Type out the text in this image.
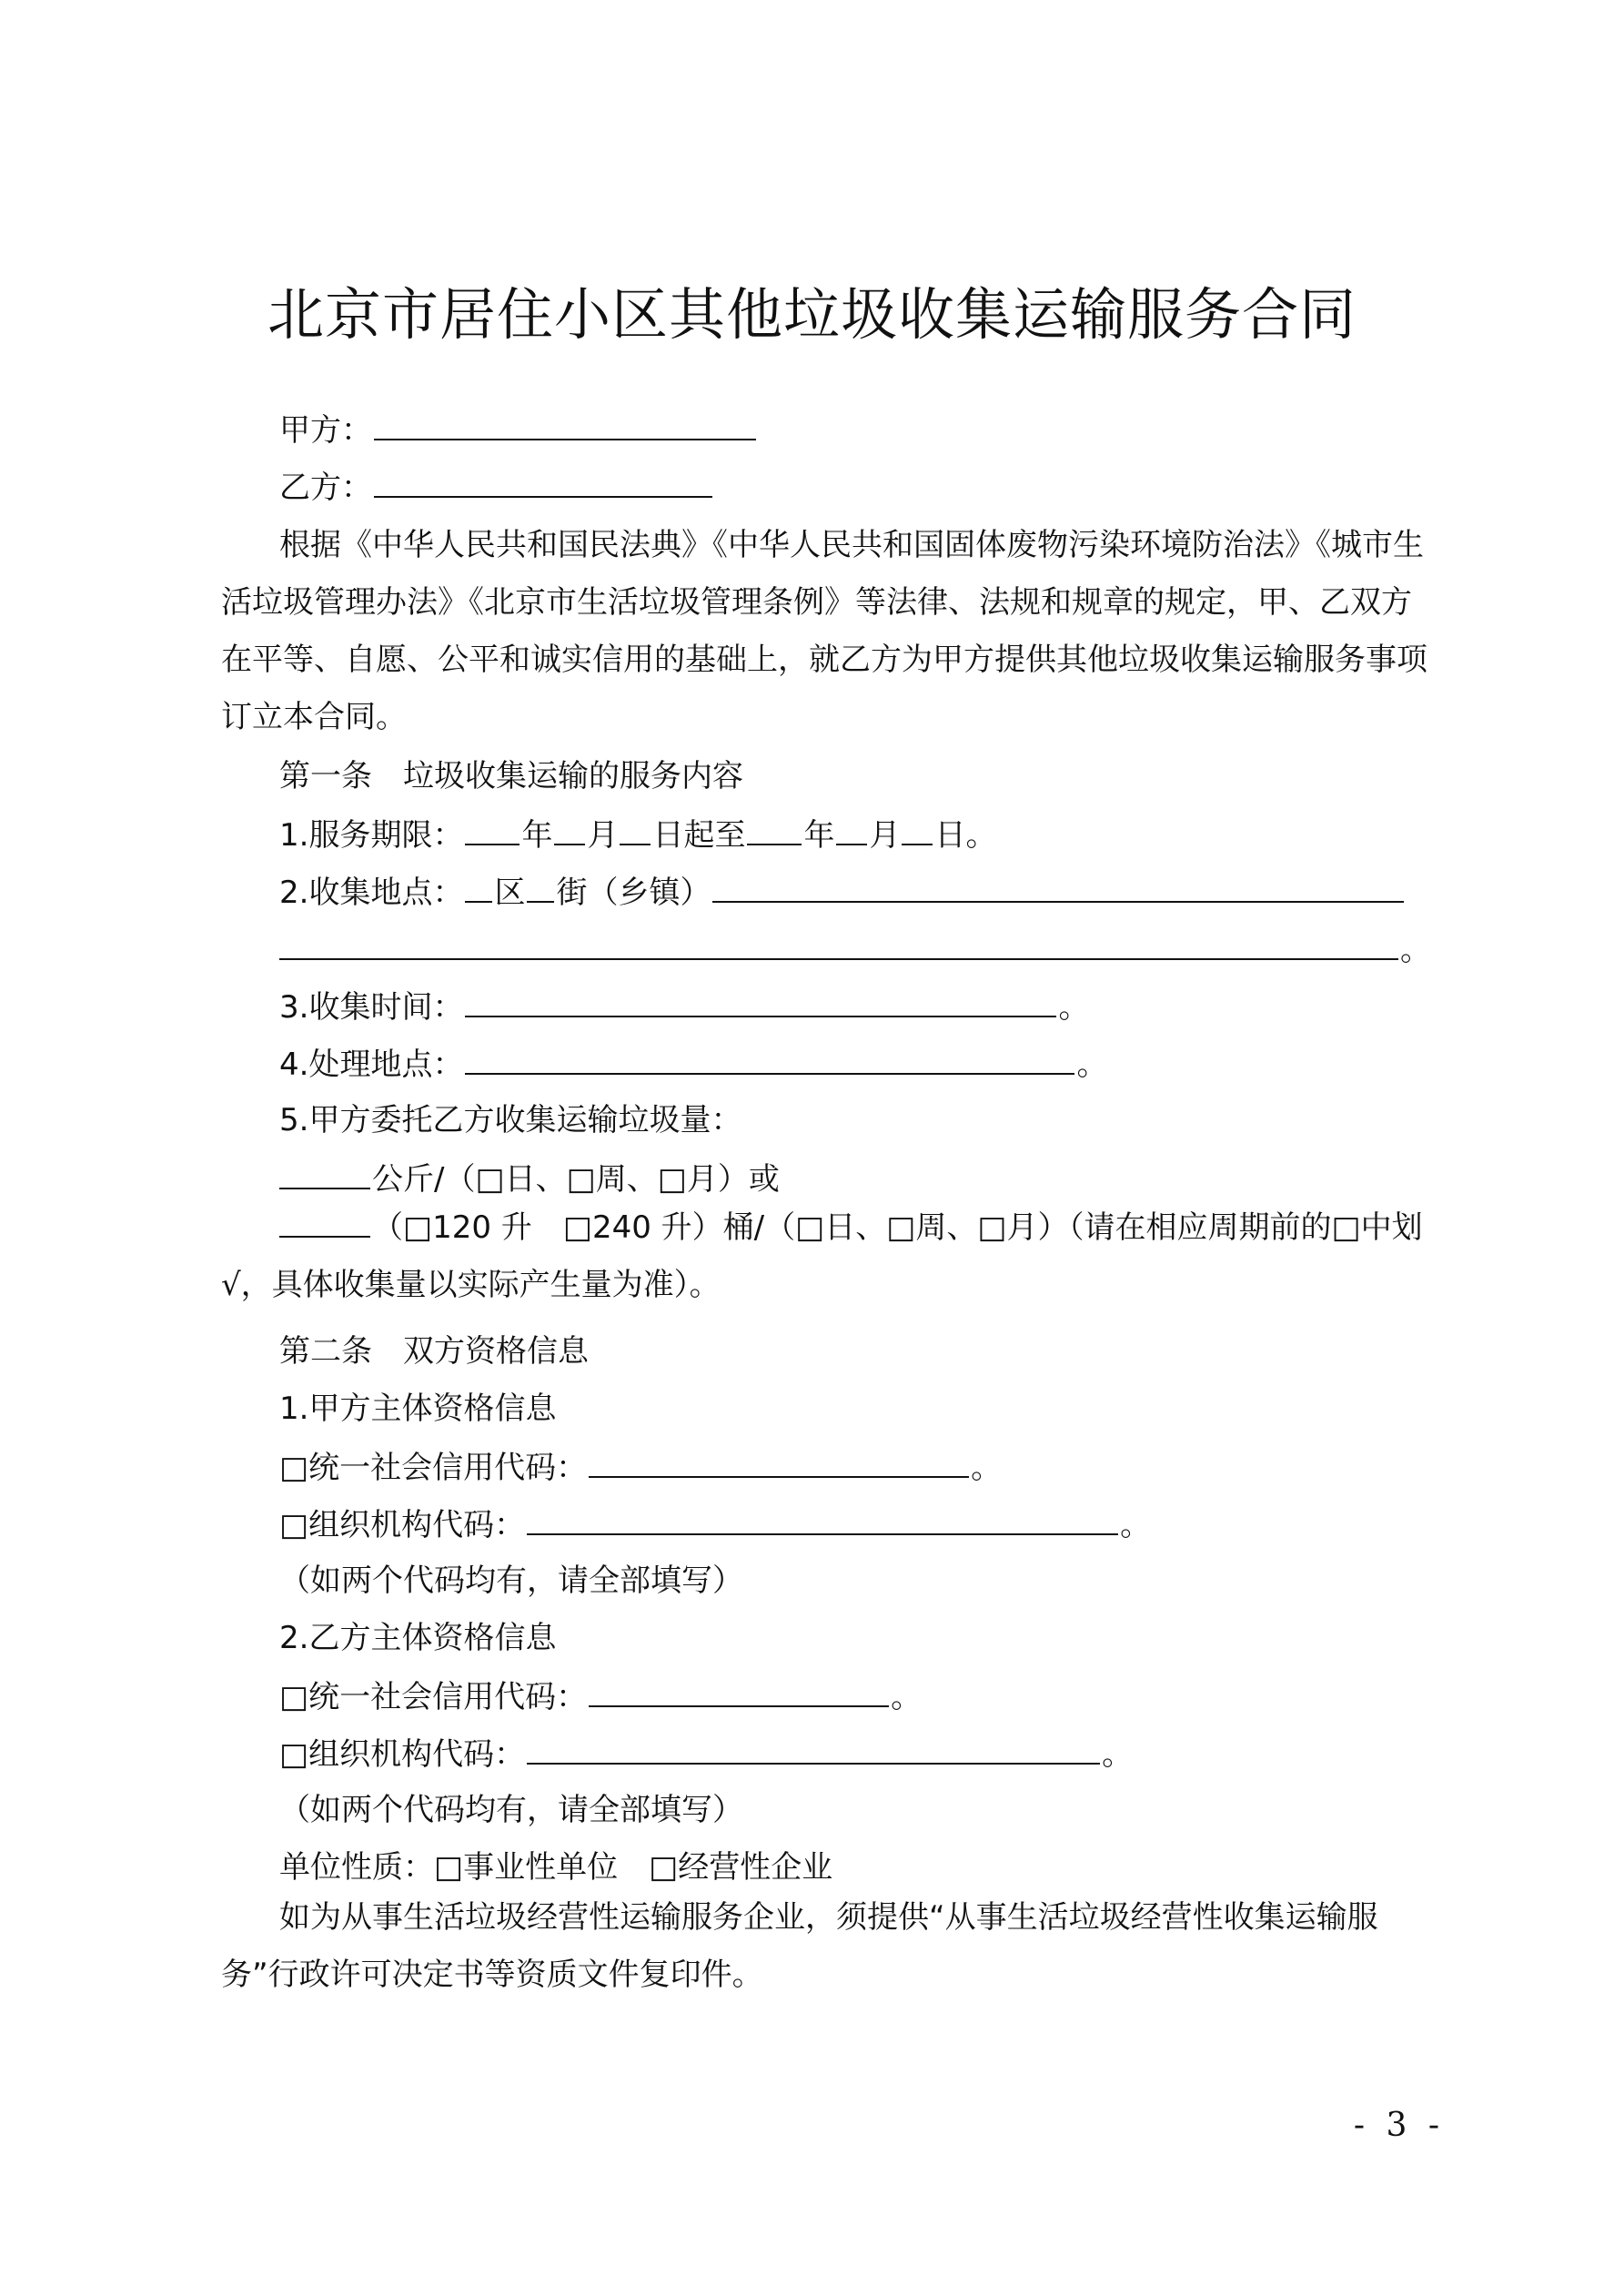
北京市居住小区其他垃圾收集运输服务合同
甲方：
乙方：
根据《中华人民共和国民法典》《中华人民共和国固体废物污染环境防治法》《城市生活垃圾管理办法》《北京市生活垃圾管理条例》等法律、法规和规章的规定，甲、乙双方在平等、自愿、公平和诚实信用的基础上，就乙方为甲方提供其他垃圾收集运输服务事项订立本合同。
第一条　垃圾收集运输的服务内容
1.服务期限： 年 月 日起至 年 月 日。
2.收集地点： 区 街（乡镇）
。
3.收集时间：	。
4.处理地点：	。
5.甲方委托乙方收集运输垃圾量：
公斤/（□日、□周、□月）或
（□120 升　□240 升）桶/（□日、□周、□月）（请在相应周期前的□中划√，具体收集量以实际产生量为准）。
第二条　双方资格信息
1.甲方主体资格信息
□统一社会信用代码：	。
□组织机构代码：	。
（如两个代码均有，请全部填写）
2.乙方主体资格信息
□统一社会信用代码：	。
□组织机构代码：	。
（如两个代码均有，请全部填写）
单位性质：□事业性单位　□经营性企业
如为从事生活垃圾经营性运输服务企业，须提供“从事生活垃圾经营性收集运输服务”行政许可决定书等资质文件复印件。
- 3 -
